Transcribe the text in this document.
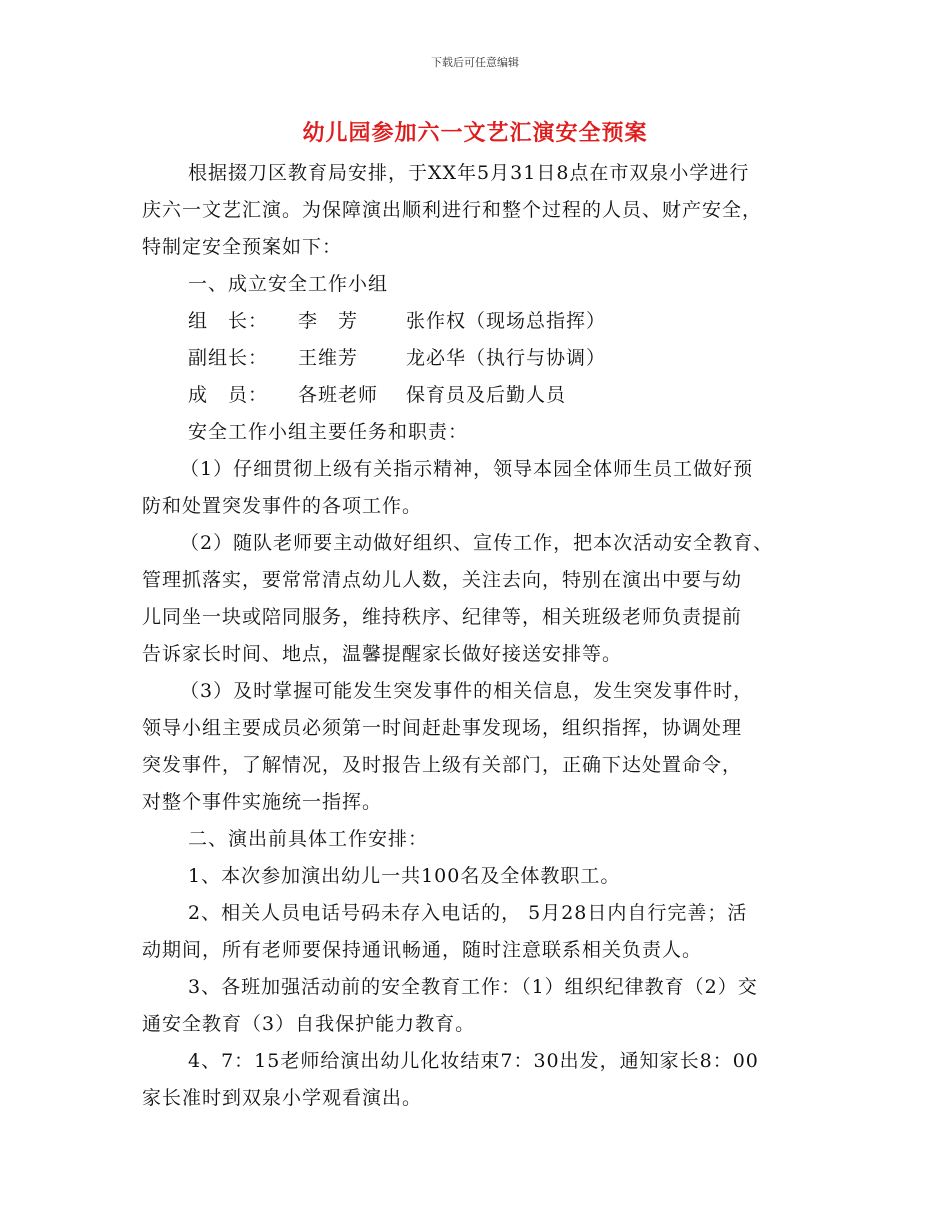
下载后可任意编辑
幼儿园参加六一文艺汇演安全预案
根据掇刀区教育局安排，于XX年5月31日8点在市双泉小学进行
庆六一文艺汇演。为保障演出顺利进行和整个过程的人员、财产安全，
特制定安全预案如下：
一、成立安全工作小组
组　长： 李　芳	张作权（现场总指挥）
副组长： 王维芳	龙必华（执行与协调）
成　员： 各班老师 保育员及后勤人员
安全工作小组主要任务和职责：
（1）仔细贯彻上级有关指示精神，领导本园全体师生员工做好预
防和处置突发事件的各项工作。
（2）随队老师要主动做好组织、宣传工作，把本次活动安全教育、
管理抓落实，要常常清点幼儿人数，关注去向，特别在演出中要与幼
儿同坐一块或陪同服务，维持秩序、纪律等，相关班级老师负责提前
告诉家长时间、地点，温馨提醒家长做好接送安排等。
（3）及时掌握可能发生突发事件的相关信息，发生突发事件时，
领导小组主要成员必须第一时间赶赴事发现场，组织指挥，协调处理
突发事件，了解情况，及时报告上级有关部门，正确下达处置命令，
对整个事件实施统一指挥。
二、演出前具体工作安排：
1、本次参加演出幼儿一共100名及全体教职工。
2、相关人员电话号码未存入电话的， 5月28日内自行完善；活
动期间，所有老师要保持通讯畅通，随时注意联系相关负责人。
3、各班加强活动前的安全教育工作：（1）组织纪律教育（2）交
通安全教育（3）自我保护能力教育。
4、7：15老师给演出幼儿化妆结束7：30出发，通知家长8：00
家长准时到双泉小学观看演出。
